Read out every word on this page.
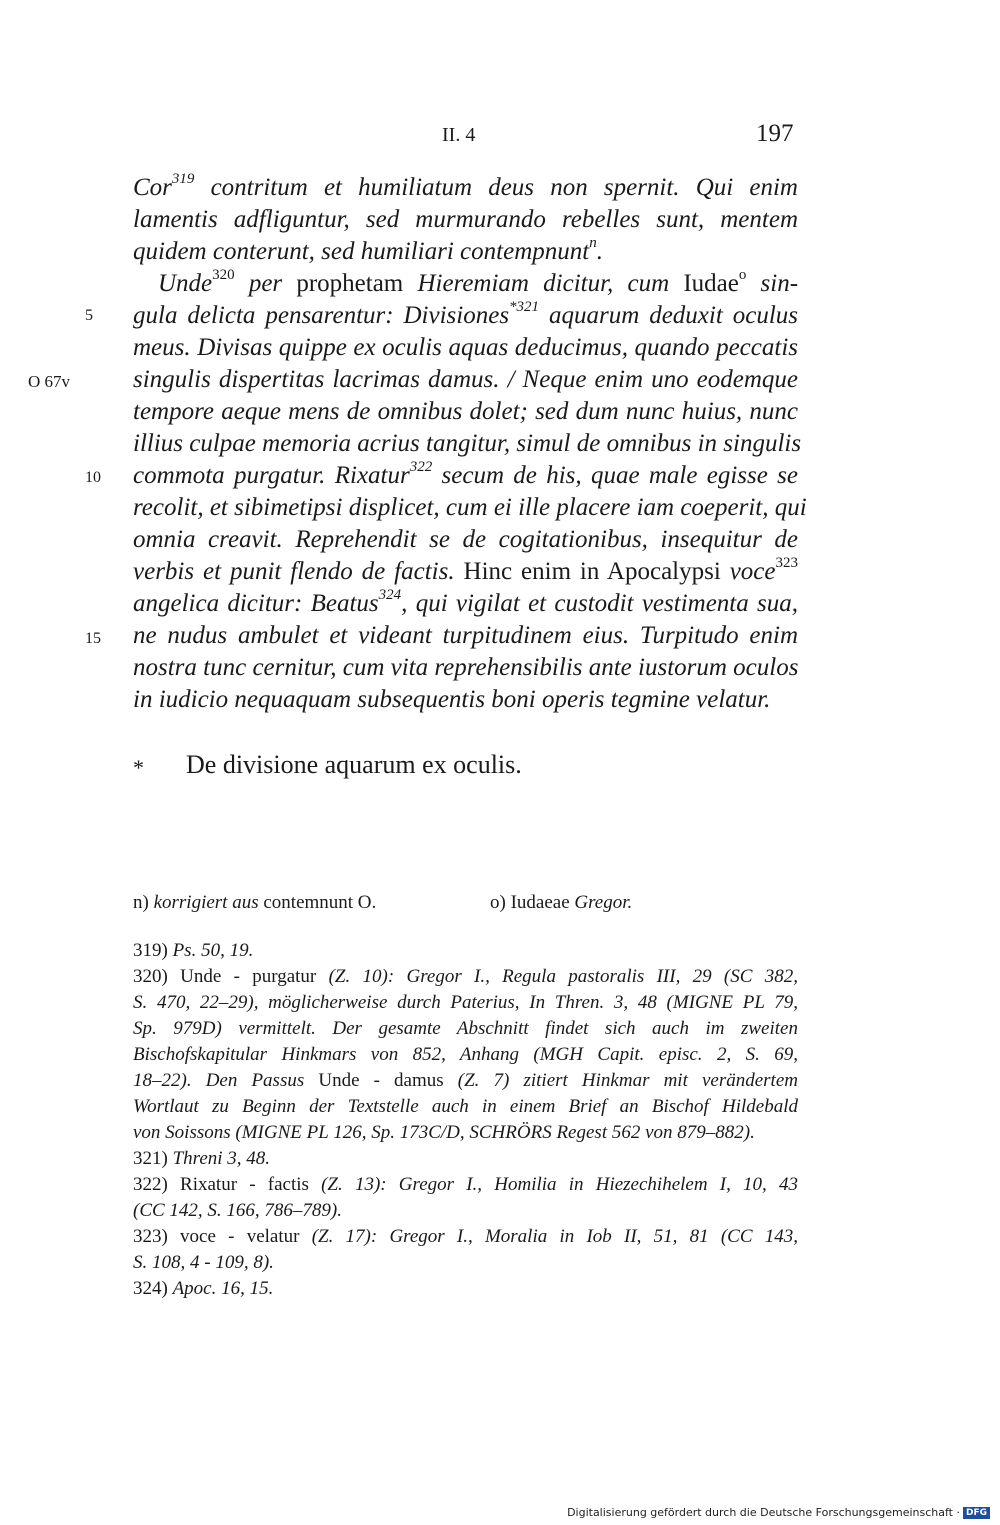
II. 4	197
O 67v
5
10
15
Cor$^{319}$ contritum et humiliatum deus non spernit. Qui enim
lamentis adfliguntur, sed murmurando rebelles sunt, mentem
quidem conterunt, sed humiliari contempnunt$^n$.
Unde$^{320}$ per prophetam Hieremiam dicitur, cum Iudae$^o$ sin-
gula delicta pensarentur: Divisiones$^{*321}$ aquarum deduxit oculus
meus. Divisas quippe ex oculis aquas deducimus, quando peccatis
singulis dispertitas lacrimas damus. / Neque enim uno eodemque
tempore aeque mens de omnibus dolet; sed dum nunc huius, nunc
illius culpae memoria acrius tangitur, simul de omnibus in singulis
commota purgatur. Rixatur$^{322}$ secum de his, quae male egisse se
recolit, et sibimetipsi displicet, cum ei ille placere iam coeperit, qui
omnia creavit. Reprehendit se de cogitationibus, insequitur de
verbis et punit flendo de factis. Hinc enim in Apocalypsi voce$^{323}$
angelica dicitur: Beatus$^{324}$, qui vigilat et custodit vestimenta sua,
ne nudus ambulet et videant turpitudinem eius. Turpitudo enim
nostra tunc cernitur, cum vita reprehensibilis ante iustorum oculos
in iudicio nequaquam subsequentis boni operis tegmine velatur.
* De divisione aquarum ex oculis.
n) korrigiert aus contemnunt O.	o) Iudaeae Gregor.
319) Ps. 50, 19.
320) Unde - purgatur (Z. 10): Gregor I., Regula pastoralis III, 29 (SC 382,
S. 470, 22–29), möglicherweise durch Paterius, In Thren. 3, 48 (MIGNE PL 79,
Sp. 979D) vermittelt. Der gesamte Abschnitt findet sich auch im zweiten
Bischofskapitular Hinkmars von 852, Anhang (MGH Capit. episc. 2, S. 69,
18–22). Den Passus Unde - damus (Z. 7) zitiert Hinkmar mit verändertem
Wortlaut zu Beginn der Textstelle auch in einem Brief an Bischof Hildebald
von Soissons (MIGNE PL 126, Sp. 173C/D, SCHRÖRS Regest 562 von 879–882).
321) Threni 3, 48.
322) Rixatur - factis (Z. 13): Gregor I., Homilia in Hiezechihelem I, 10, 43
(CC 142, S. 166, 786–789).
323) voce - velatur (Z. 17): Gregor I., Moralia in Iob II, 51, 81 (CC 143,
S. 108, 4 - 109, 8).
324) Apoc. 16, 15.
Digitalisierung gefördert durch die Deutsche Forschungsgemeinschaft · DFG
